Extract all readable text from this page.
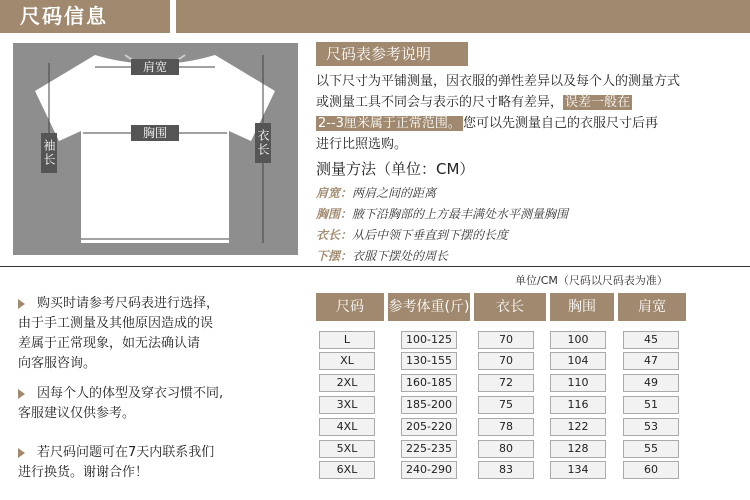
尺码信息
肩宽
胸围
袖长	衣长
尺码表参考说明
以下尺寸为平铺测量，因衣服的弹性差异以及每个人的测量方式
或测量工具不同会与表示的尺寸略有差异， 误差一般在
2--3厘米属于正常范围。 您可以先测量自己的衣服尺寸后再
进行比照选购。
测量方法（单位：CM）
肩宽：两肩之间的距离
胸围：腋下沿胸部的上方最丰满处水平测量胸围
衣长：从后中领下垂直到下摆的长度
下摆：衣服下摆处的周长
购买时请参考尺码表进行选择，
由于手工测量及其他原因造成的误
差属于正常现象，如无法确认请
向客服咨询。
因每个人的体型及穿衣习惯不同,
客服建议仅供参考。
若尺码问题可在7天内联系我们
进行换货。谢谢合作！
单位/CM（尺码以尺码表为准）
尺码	参考体重(斤)	衣长	胸围	肩宽
L	100-125	70	100	45
XL	130-155	70	104	47
2XL	160-185	72	110	49
3XL	185-200	75	116	51
4XL	205-220	78	122	53
5XL	225-235	80	128	55
6XL	240-290	83	134	60
